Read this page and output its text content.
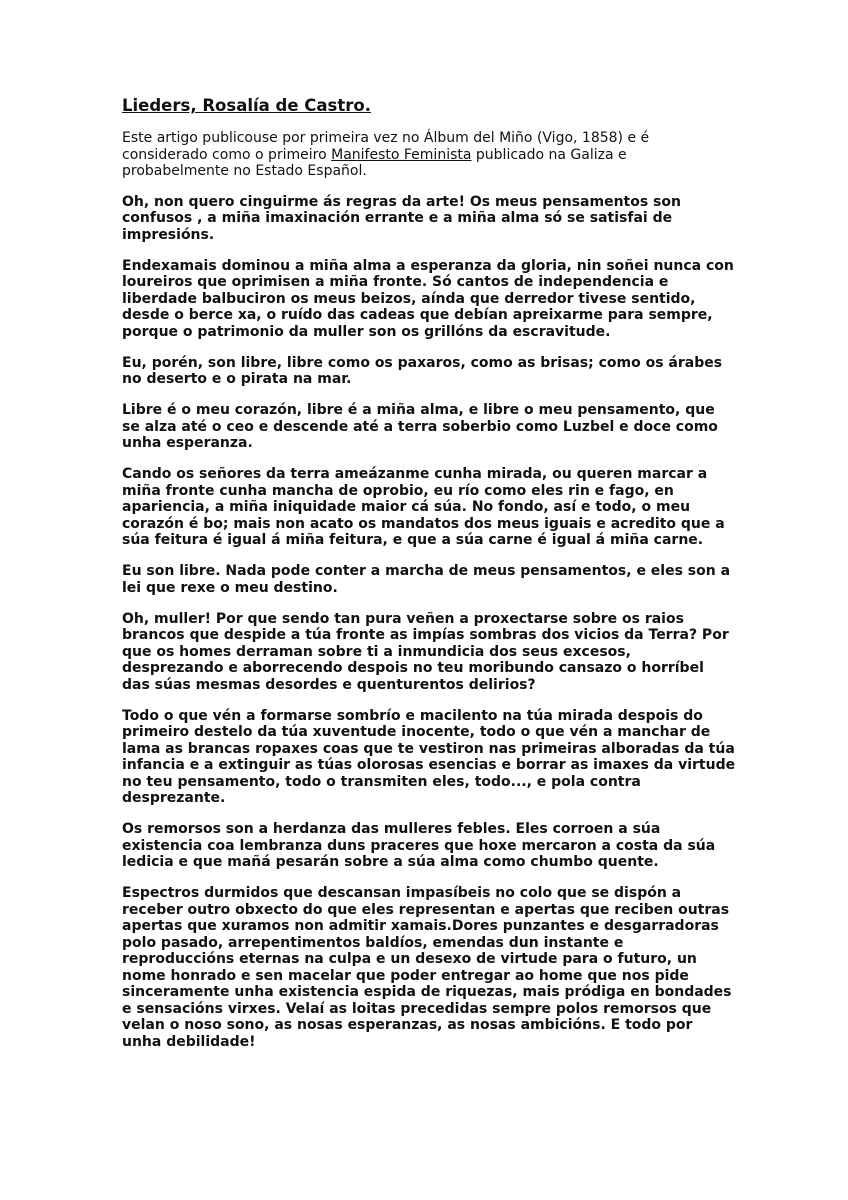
Lieders, Rosalía de Castro.

Este artigo publicouse por primeira vez no Álbum del Miño (Vigo, 1858) e é considerado como o primeiro Manifesto Feminista publicado na Galiza e probabelmente no Estado Español.

Oh, non quero cinguirme ás regras da arte! Os meus pensamentos son confusos , a miña imaxinación errante e a miña alma só se satisfai de impresións.

Endexamais dominou a miña alma a esperanza da gloria, nin soñei nunca con loureiros que oprimisen a miña fronte. Só cantos de independencia e liberdade balbuciron os meus beizos, aínda que derredor tivese sentido, desde o berce xa, o ruído das cadeas que debían apreixarme para sempre, porque o patrimonio da muller son os grillóns da escravitude.

Eu, porén, son libre, libre como os paxaros, como as brisas; como os árabes no deserto e o pirata na mar.

Libre é o meu corazón, libre é a miña alma, e libre o meu pensamento, que se alza até o ceo e descende até a terra soberbio como Luzbel e doce como unha esperanza.

Cando os señores da terra ameázanme cunha mirada, ou queren marcar a miña fronte cunha mancha de oprobio, eu río como eles rin e fago, en apariencia, a miña iniquidade maior cá súa. No fondo, así e todo, o meu corazón é bo; mais non acato os mandatos dos meus iguais e acredito que a súa feitura é igual á miña feitura, e que a súa carne é igual á miña carne.

Eu son libre. Nada pode conter a marcha de meus pensamentos, e eles son a lei que rexe o meu destino.

Oh, muller! Por que sendo tan pura veñen a proxectarse sobre os raios brancos que despide a túa fronte as impías sombras dos vicios da Terra? Por que os homes derraman sobre ti a inmundicia dos seus excesos, desprezando e aborrecendo despois no teu moribundo cansazo o horríbel das súas mesmas desordes e quenturentos delirios?

Todo o que vén a formarse sombrío e macilento na túa mirada despois do primeiro destelo da túa xuventude inocente, todo o que vén a manchar de lama as brancas ropaxes coas que te vestiron nas primeiras alboradas da túa infancia e a extinguir as túas olorosas esencias e borrar as imaxes da virtude no teu pensamento, todo o transmiten eles, todo..., e pola contra desprezante.

Os remorsos son a herdanza das mulleres febles. Eles corroen a súa existencia coa lembranza duns praceres que hoxe mercaron a costa da súa ledicia e que mañá pesarán sobre a súa alma como chumbo quente.

Espectros durmidos que descansan impasíbeis no colo que se dispón a receber outro obxecto do que eles representan e apertas que reciben outras apertas que xuramos non admitir xamais.Dores punzantes e desgarradoras polo pasado, arrepentimentos baldíos, emendas dun instante e reproduccións eternas na culpa e un desexo de virtude para o futuro, un nome honrado e sen macelar que poder entregar ao home que nos pide sinceramente unha existencia espida de riquezas, mais pródiga en bondades e sensacións virxes. Velaí as loitas precedidas sempre polos remorsos que velan o noso sono, as nosas esperanzas, as nosas ambicións. E todo por unha debilidade!
